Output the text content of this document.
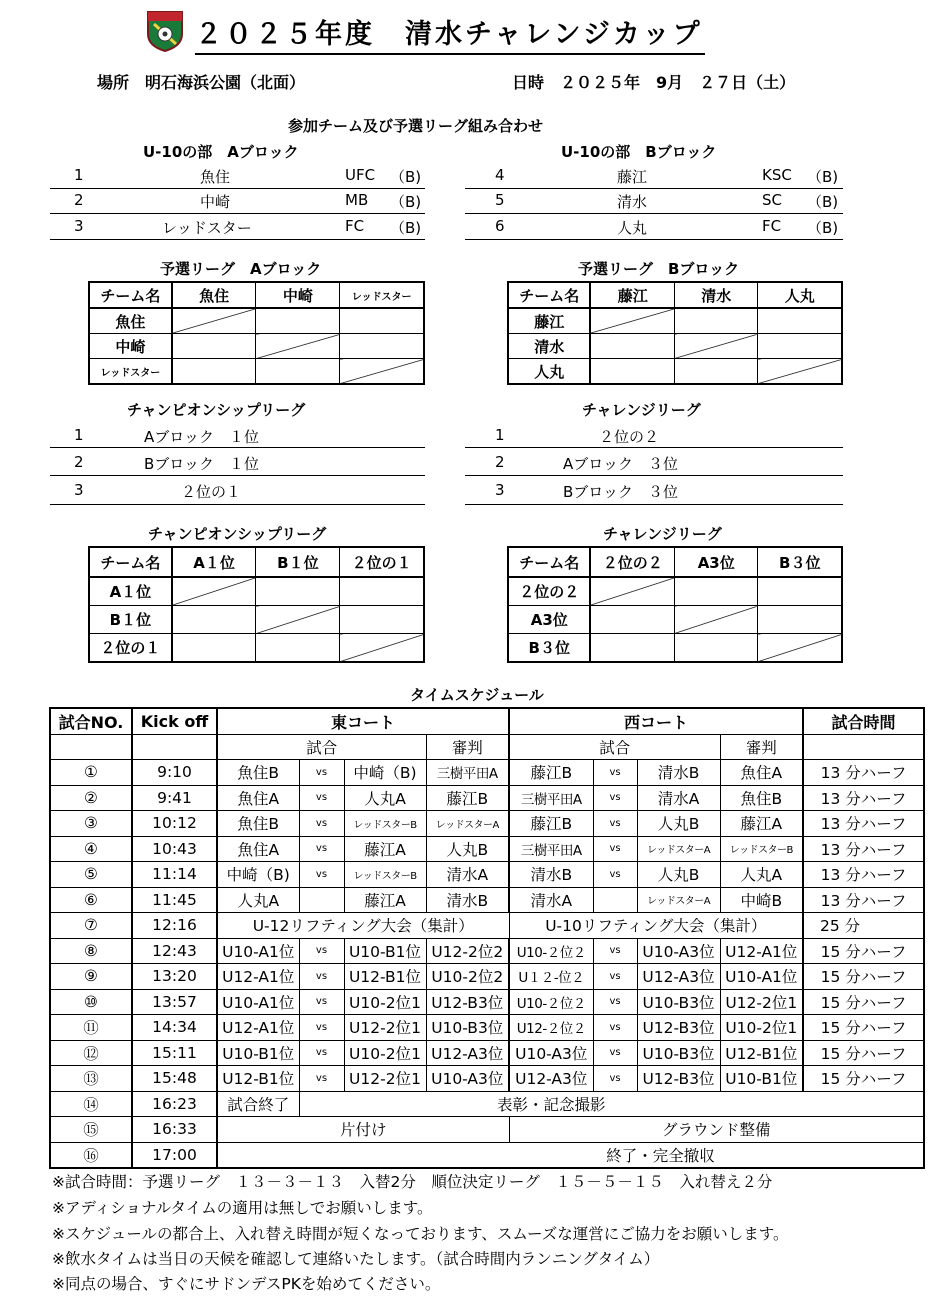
２０２５年度　清水チャレンジカップ
場所　明石海浜公園（北面）	日時　２０２５年　9月　２７日（土）
参加チーム及び予選リーグ組み合わせ
U-10の部　Aブロック
1	魚住	UFC （B)
2	中崎	MB （B)
3	レッドスター	FC （B)
U-10の部　Bブロック
4	藤江	KSC （B)
5	清水	SC （B)
6	人丸	FC （B)
予選リーグ　Aブロック
チーム名	魚住	中崎	レッドスター
魚住			
中崎			
レッドスター			
予選リーグ　Bブロック
チーム名	藤江	清水	人丸
藤江			
清水			
人丸			
チャンピオンシップリーグ
1	Aブロック　１位
2	Bブロック　１位
3	２位の１
チャレンジリーグ
1	２位の２
2	Aブロック　３位
3	Bブロック　３位
チャンピオンシップリーグ
チーム名	A１位	B１位	２位の１
A１位			
B１位			
２位の１			
チャレンジリーグ
チーム名	２位の２	A3位	B３位
２位の２			
A3位			
B３位			
タイムスケジュール
試合NO.	Kick off	東コート				西コート				試合時間
		試合			審判	試合			審判	
①	9:10	魚住B	vs	中崎（B)	三樹平田A	藤江B	vs	清水B	魚住A	13 分ハーフ
②	9:41	魚住A	vs	人丸A	藤江B	三樹平田A	vs	清水A	魚住B	13 分ハーフ
③	10:12	魚住B	vs	レッドスターB	レッドスターA	藤江B	vs	人丸B	藤江A	13 分ハーフ
④	10:43	魚住A	vs	藤江A	人丸B	三樹平田A	vs	レッドスターA	レッドスターB	13 分ハーフ
⑤	11:14	中崎（B)	vs	レッドスターB	清水A	清水B	vs	人丸B	人丸A	13 分ハーフ
⑥	11:45	人丸A		藤江A	清水B	清水A		レッドスターA	中崎B	13 分ハーフ
⑦	12:16	U-12リフティング大会（集計）				U-10リフティング大会（集計）				25 分
⑧	12:43	U10-A1位	vs	U10-B1位	U12-2位2	U10-２位２	vs	U10-A3位	U12-A1位	15 分ハーフ
⑨	13:20	U12-A1位	vs	U12-B1位	U10-2位2	U１２-位２	vs	U12-A3位	U10-A1位	15 分ハーフ
⑩	13:57	U10-A1位	vs	U10-2位1	U12-B3位	U10-２位２	vs	U10-B3位	U12-2位1	15 分ハーフ
⑪	14:34	U12-A1位	vs	U12-2位1	U10-B3位	U12-２位２	vs	U12-B3位	U10-2位1	15 分ハーフ
⑫	15:11	U10-B1位	vs	U10-2位1	U12-A3位	U10-A3位	vs	U10-B3位	U12-B1位	15 分ハーフ
⑬	15:48	U12-B1位	vs	U12-2位1	U10-A3位	U12-A3位	vs	U12-B3位	U10-B1位	15 分ハーフ
⑭	16:23	試合終了	表彰・記念撮影							
⑮	16:33	片付け				グラウンド整備				
⑯	17:00	終了・完全撤収								
※試合時間：予選リーグ　１３－３－１３　入替2分　順位決定リーグ　１５－５－１５　入れ替え２分
※アディショナルタイムの適用は無しでお願いします。
※スケジュールの都合上、入れ替え時間が短くなっております、スムーズな運営にご協力をお願いします。
※飲水タイムは当日の天候を確認して連絡いたします。（試合時間内ランニングタイム）
※同点の場合、すぐにサドンデスPKを始めてください。
